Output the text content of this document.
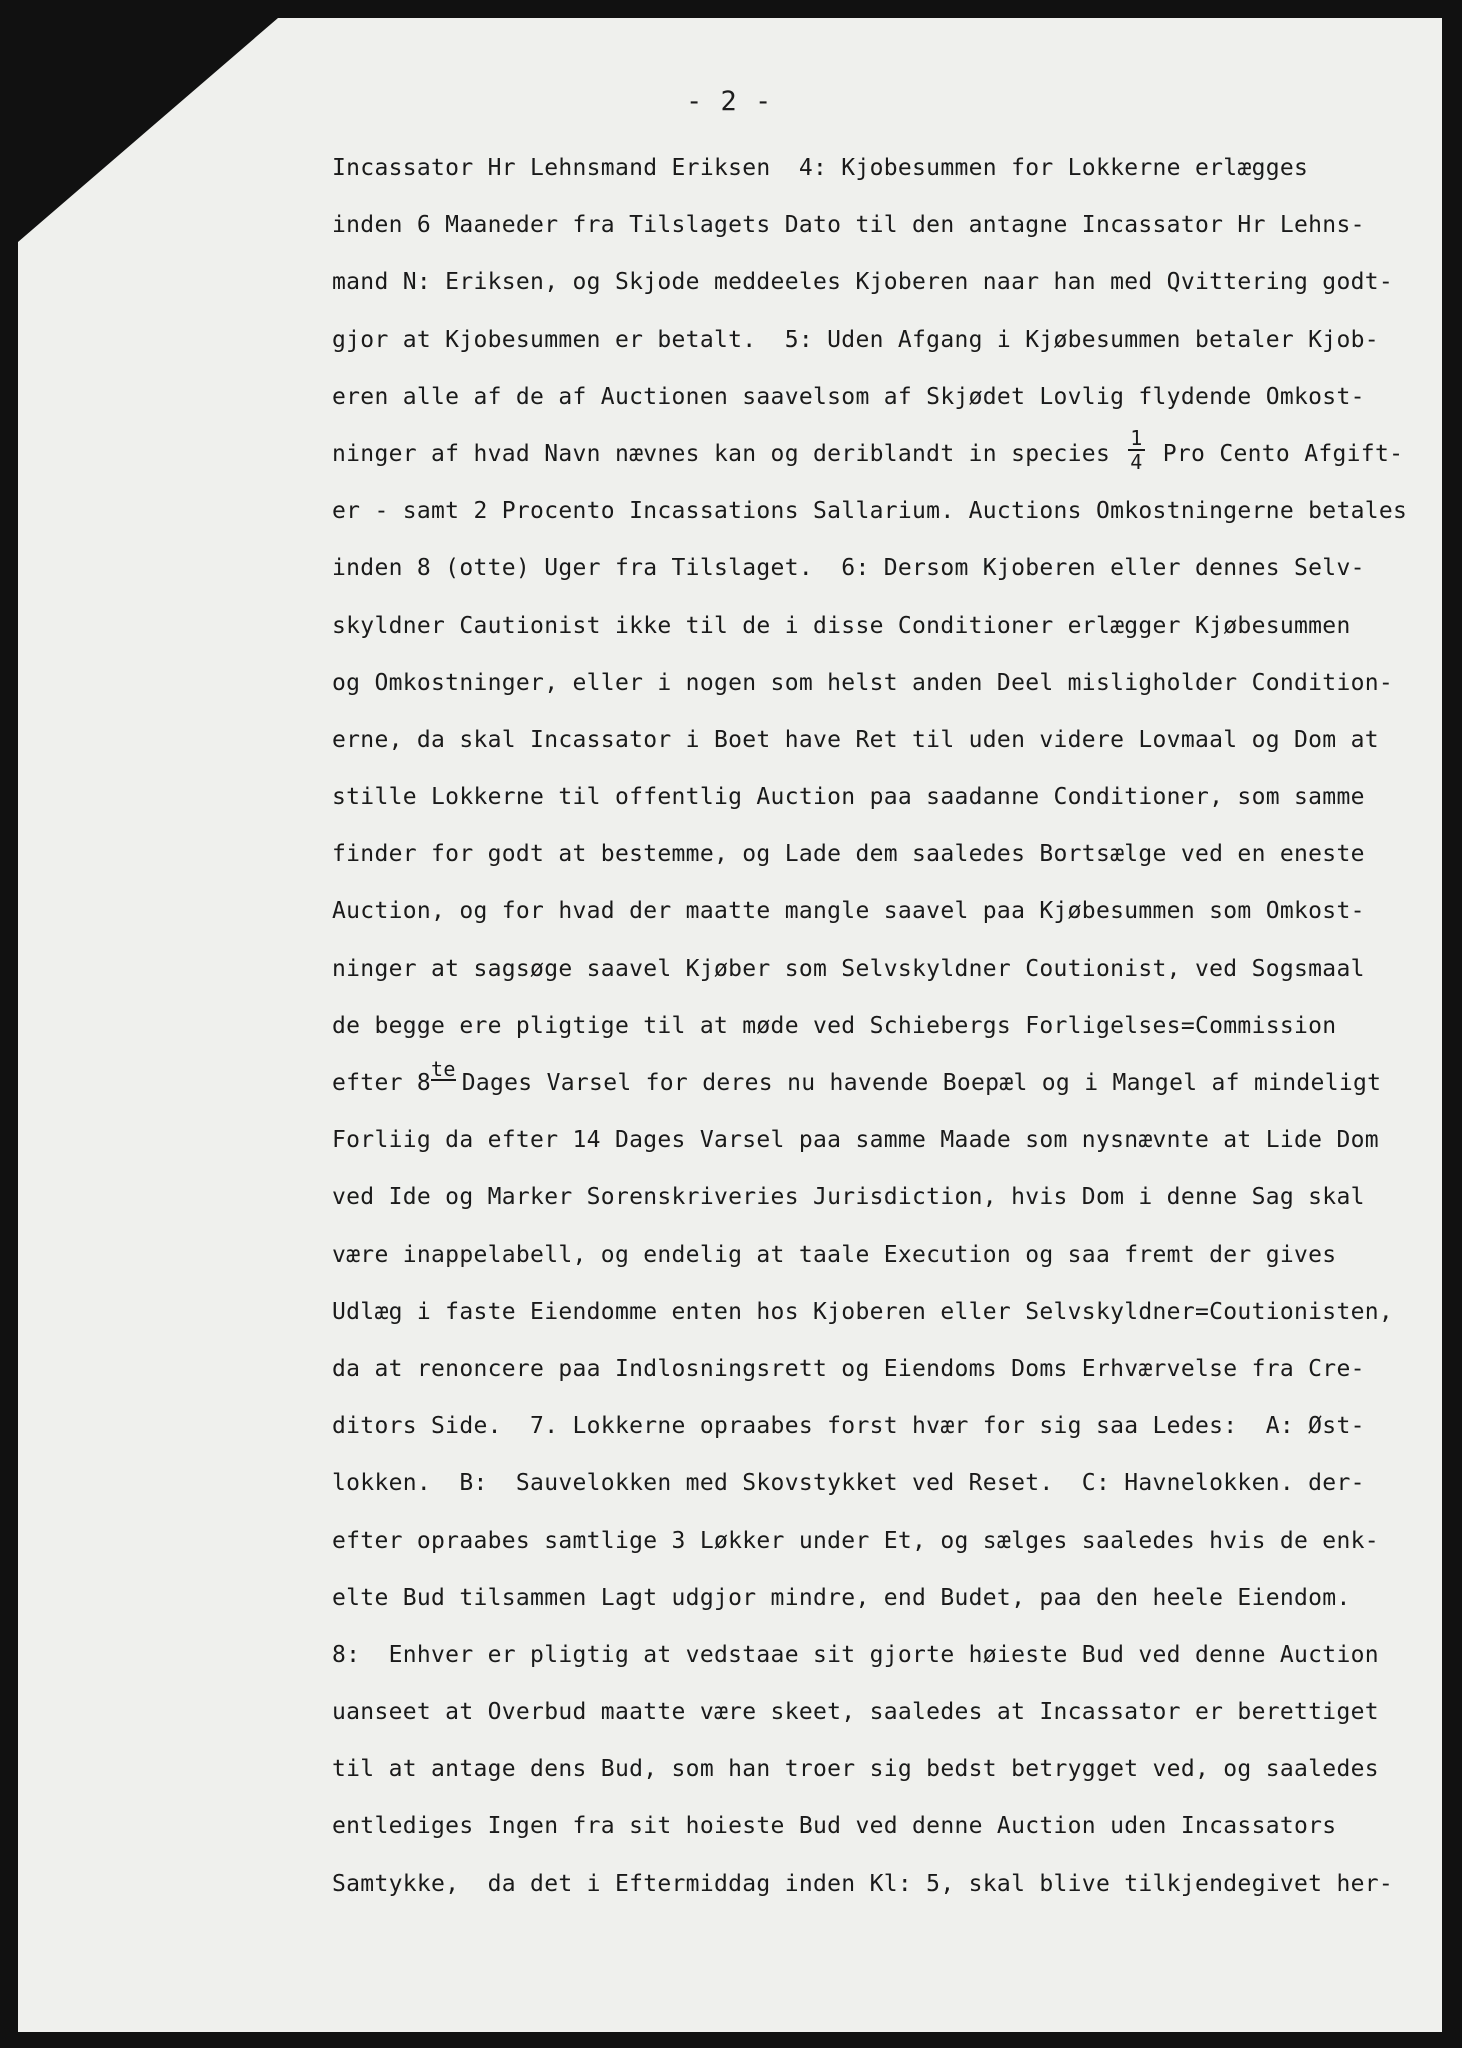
- 2 -
Incassator Hr Lehnsmand Eriksen  4: Kjobesummen for Lokkerne erlægges
inden 6 Maaneder fra Tilslagets Dato til den antagne Incassator Hr Lehns-
mand N: Eriksen, og Skjode meddeeles Kjoberen naar han med Qvittering godt-
gjor at Kjobesummen er betalt.  5: Uden Afgang i Kjøbesummen betaler Kjob-
eren alle af de af Auctionen saavelsom af Skjødet Lovlig flydende Omkost-
ninger af hvad Navn nævnes kan og deriblandt in species $\frac{1}{4}$ Pro Cento Afgift-
er - samt 2 Procento Incassations Sallarium. Auctions Omkostningerne betales
inden 8 (otte) Uger fra Tilslaget.  6: Dersom Kjoberen eller dennes Selv-
skyldner Cautionist ikke til de i disse Conditioner erlægger Kjøbesummen
og Omkostninger, eller i nogen som helst anden Deel misligholder Condition-
erne, da skal Incassator i Boet have Ret til uden videre Lovmaal og Dom at
stille Lokkerne til offentlig Auction paa saadanne Conditioner, som samme
finder for godt at bestemme, og Lade dem saaledes Bortsælge ved en eneste
Auction, og for hvad der maatte mangle saavel paa Kjøbesummen som Omkost-
ninger at sagsøge saavel Kjøber som Selvskyldner Coutionist, ved Sogsmaal
de begge ere pligtige til at møde ved Schiebergs Forligelses=Commission
efter 8teDages Varsel for deres nu havende Boepæl og i Mangel af mindeligt
Forliig da efter 14 Dages Varsel paa samme Maade som nysnævnte at Lide Dom
ved Ide og Marker Sorenskriveries Jurisdiction, hvis Dom i denne Sag skal
være inappelabell, og endelig at taale Execution og saa fremt der gives
Udlæg i faste Eiendomme enten hos Kjoberen eller Selvskyldner=Coutionisten,
da at renoncere paa Indlosningsrett og Eiendoms Doms Erhværvelse fra Cre-
ditors Side.  7. Lokkerne opraabes forst hvær for sig saa Ledes:  A: Øst-
lokken.  B:  Sauvelokken med Skovstykket ved Reset.  C: Havnelokken. der-
efter opraabes samtlige 3 Løkker under Et, og sælges saaledes hvis de enk-
elte Bud tilsammen Lagt udgjor mindre, end Budet, paa den heele Eiendom.
8:  Enhver er pligtig at vedstaae sit gjorte høieste Bud ved denne Auction
uanseet at Overbud maatte være skeet, saaledes at Incassator er berettiget
til at antage dens Bud, som han troer sig bedst betrygget ved, og saaledes
entlediges Ingen fra sit hoieste Bud ved denne Auction uden Incassators
Samtykke,  da det i Eftermiddag inden Kl: 5, skal blive tilkjendegivet her-
